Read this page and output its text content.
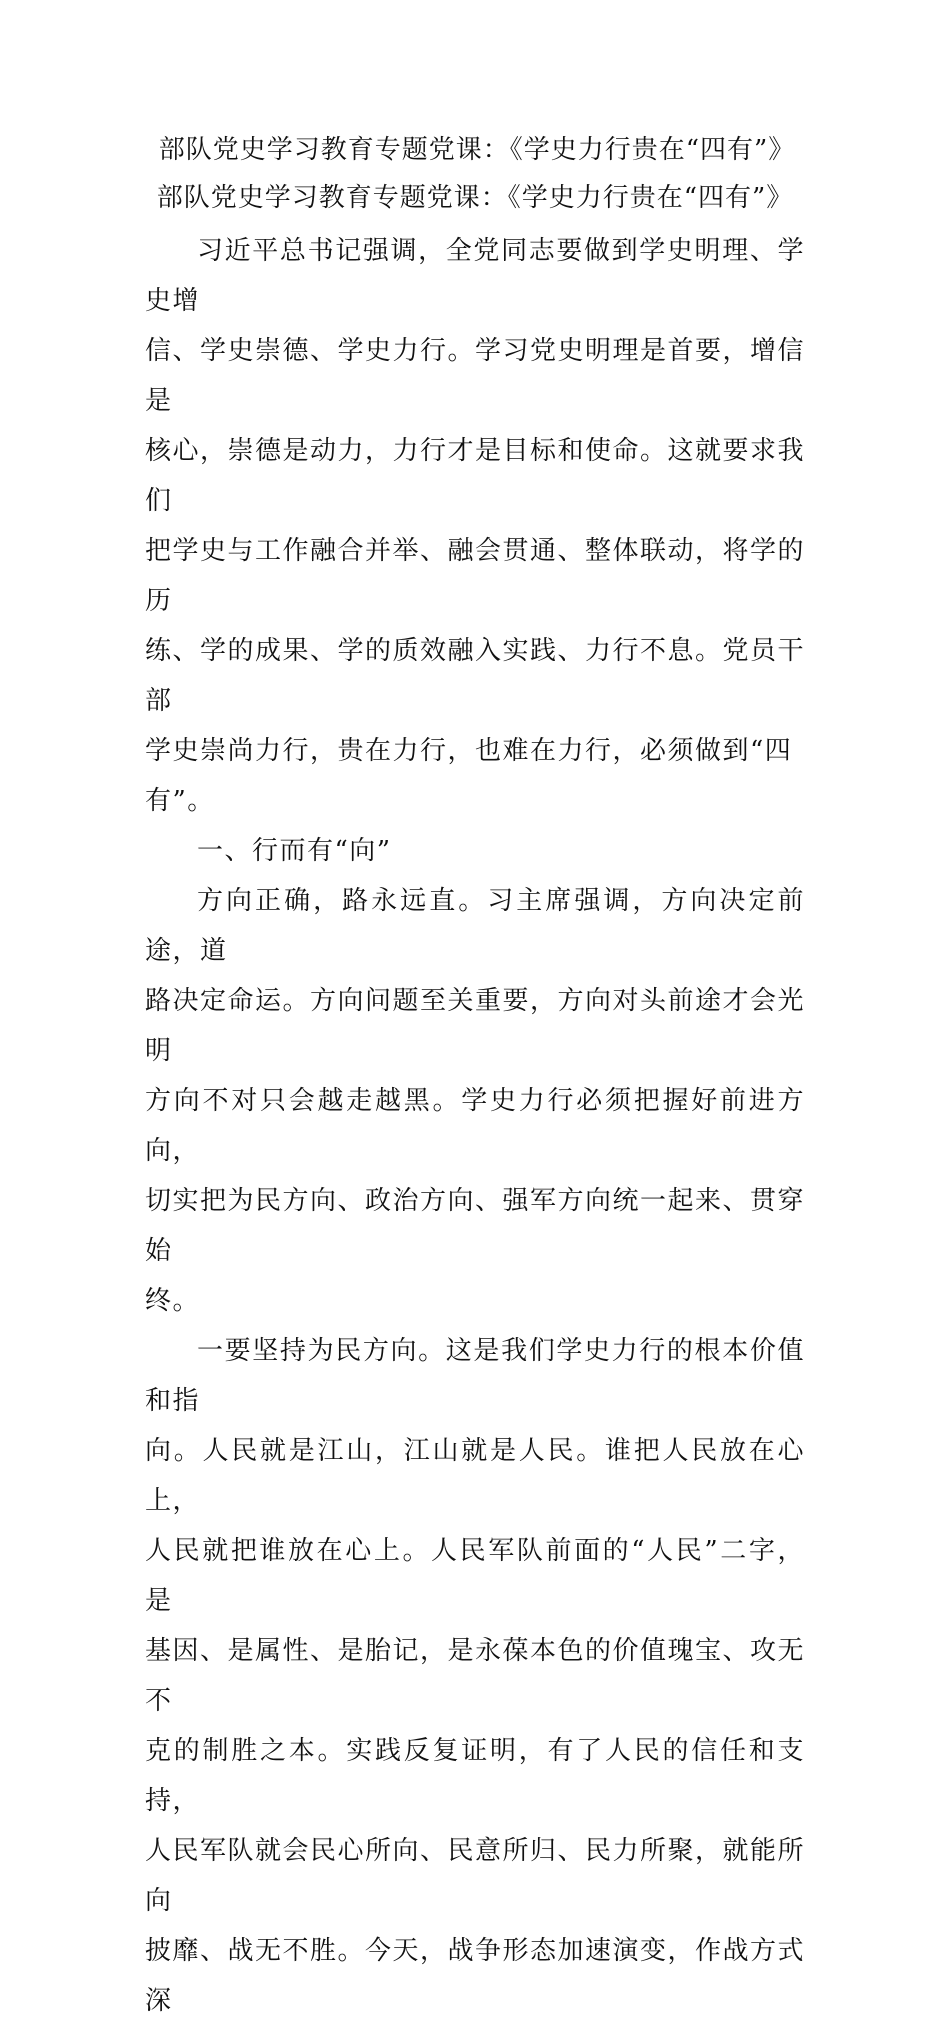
部队党史学习教育专题党课：《学史力行贵在“四有”》
部队党史学习教育专题党课：《学史力行贵在“四有”》

习近平总书记强调，全党同志要做到学史明理、学史增
信、学史崇德、学史力行。学习党史明理是首要，增信是
核心，崇德是动力，力行才是目标和使命。这就要求我们
把学史与工作融合并举、融会贯通、整体联动，将学的历
练、学的成果、学的质效融入实践、力行不息。党员干部
学史崇尚力行，贵在力行，也难在力行，必须做到“四
有”。

一、行而有“向”

方向正确，路永远直。习主席强调，方向决定前途，道
路决定命运。方向问题至关重要，方向对头前途才会光明
方向不对只会越走越黑。学史力行必须把握好前进方向，
切实把为民方向、政治方向、强军方向统一起来、贯穿始
终。

一要坚持为民方向。这是我们学史力行的根本价值和指
向。人民就是江山，江山就是人民。谁把人民放在心上，
人民就把谁放在心上。人民军队前面的“人民”二字，是
基因、是属性、是胎记，是永葆本色的价值瑰宝、攻无不
克的制胜之本。实践反复证明，有了人民的信任和支持，
人民军队就会民心所向、民意所归、民力所聚，就能所向
披靡、战无不胜。今天，战争形态加速演变，作战方式深
